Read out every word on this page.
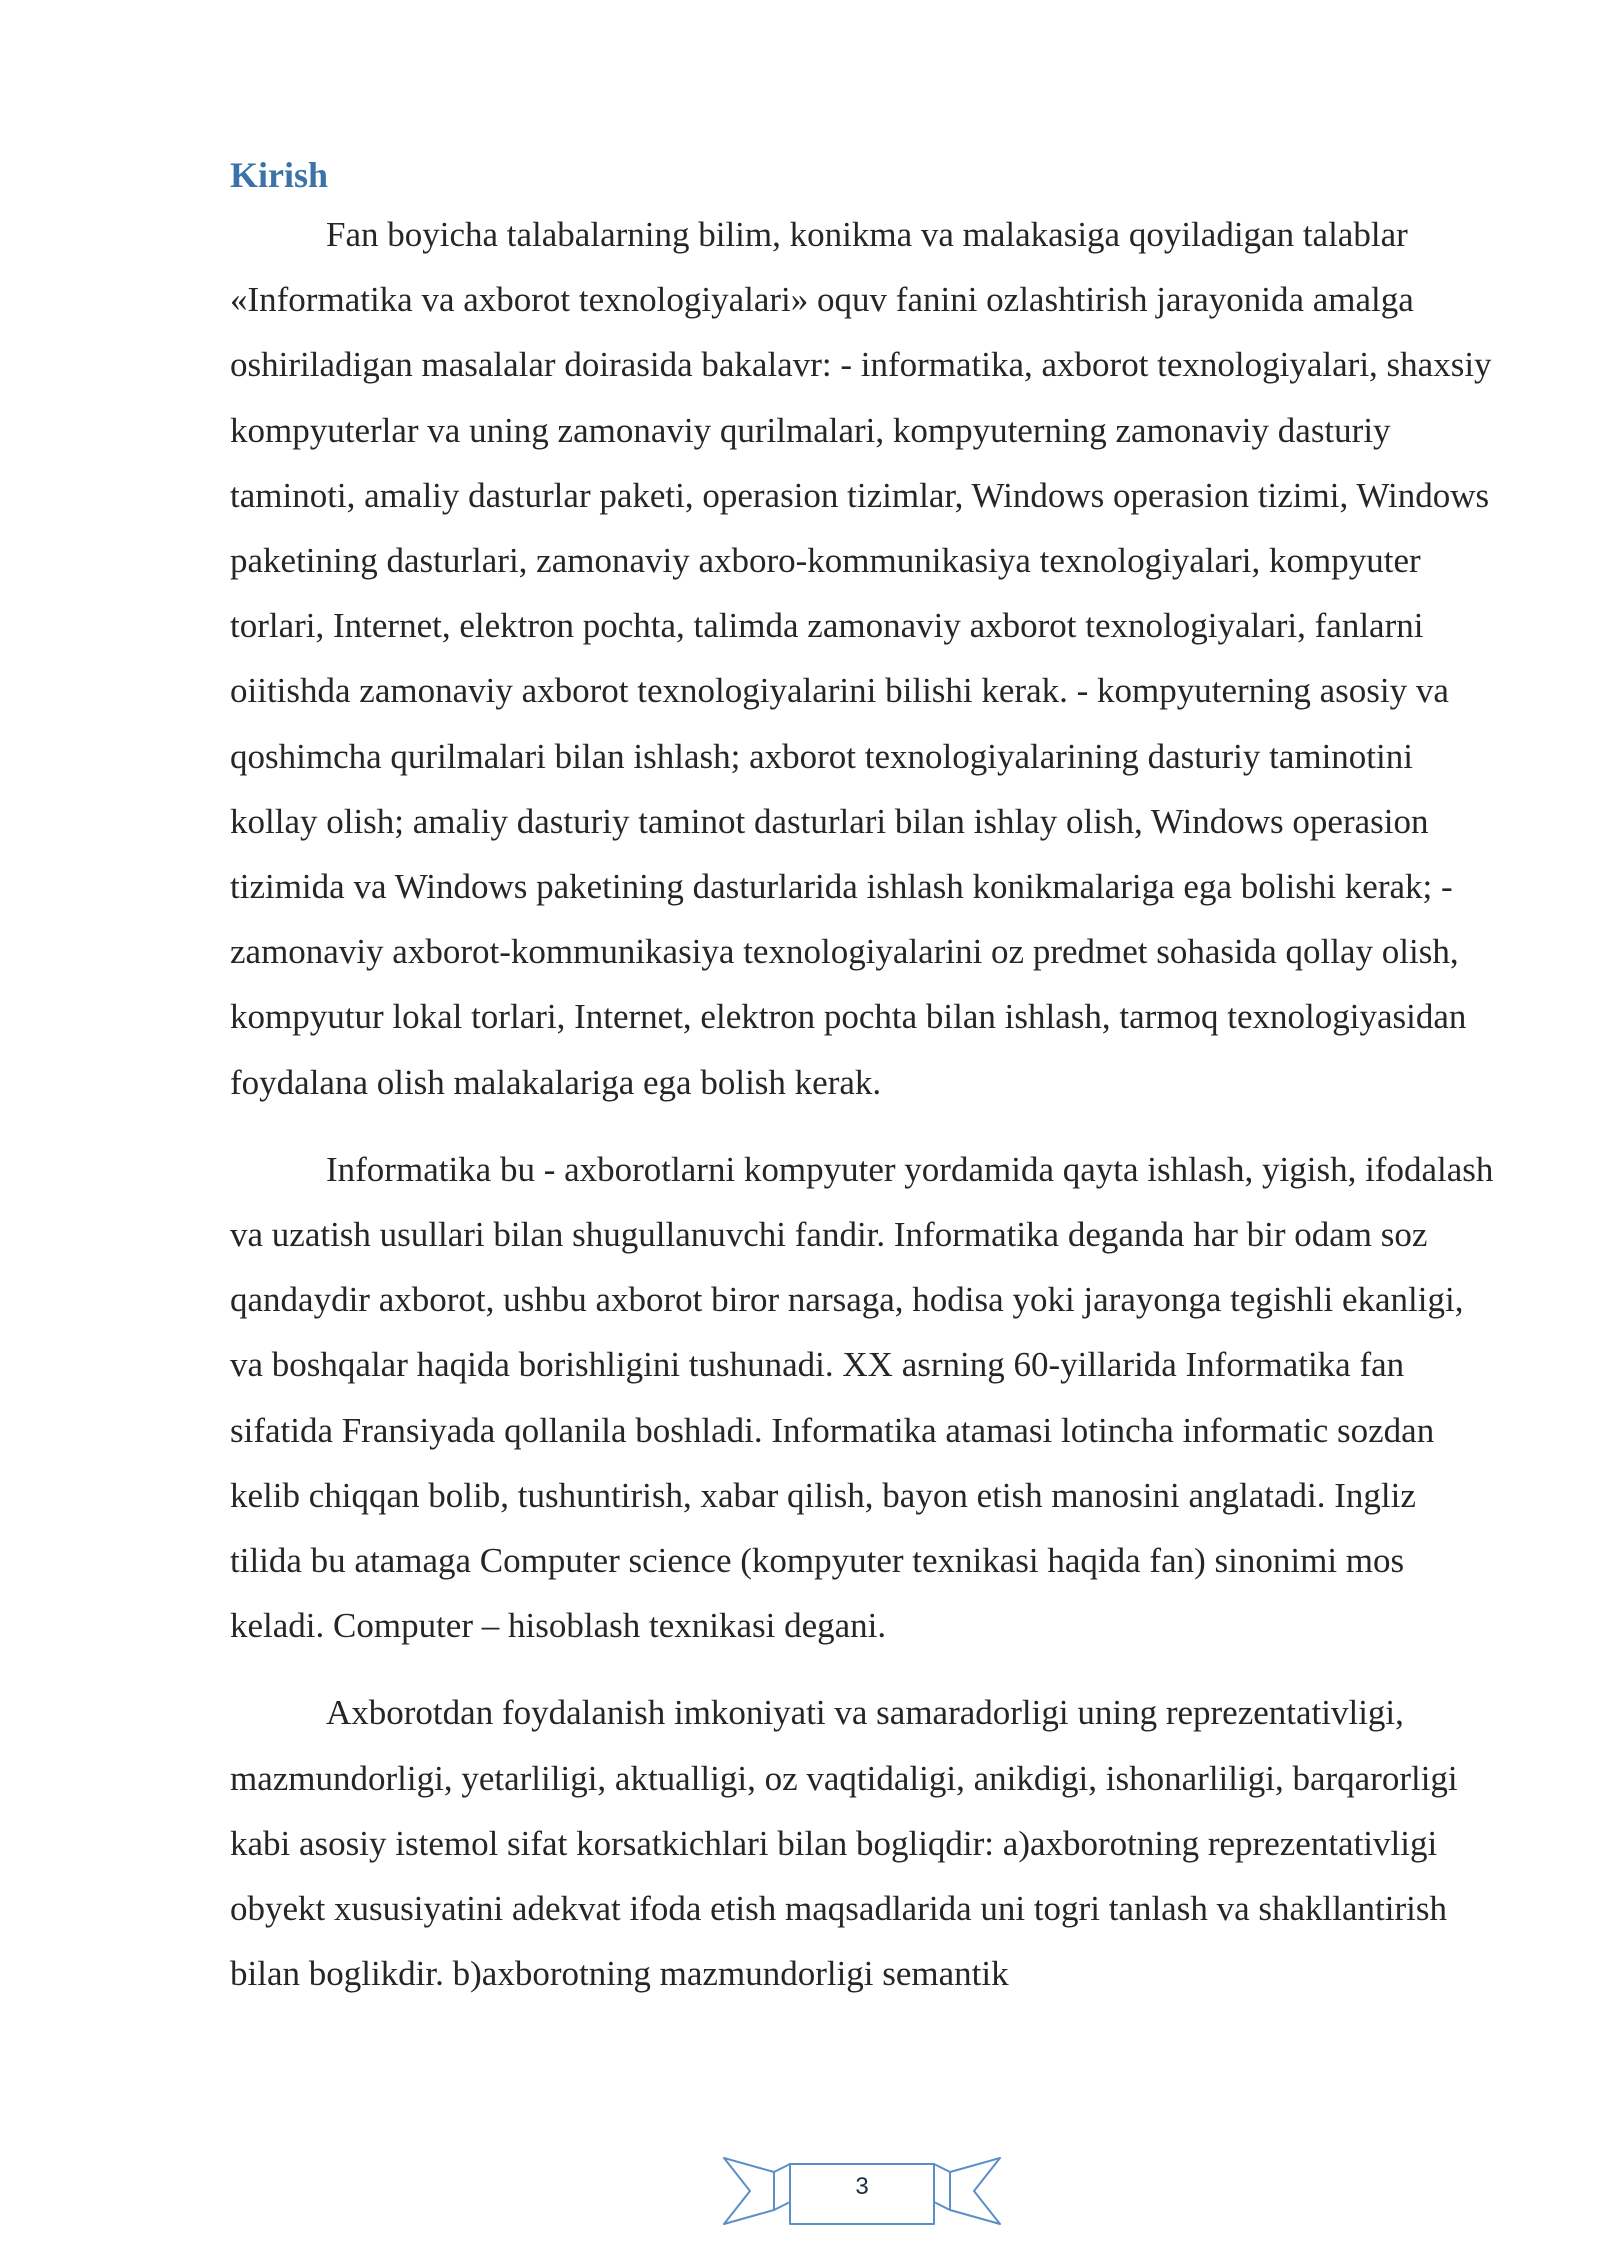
Kirish

Fan boyicha talabalarning bilim, konikma va malakasiga qoyiladigan talablar «Informatika va axborot texnologiyalari» oquv fanini ozlashtirish jarayonida amalga oshiriladigan masalalar doirasida bakalavr: - informatika, axborot texnologiyalari, shaxsiy kompyuterlar va uning zamonaviy qurilmalari, kompyuterning zamonaviy dasturiy taminoti, amaliy dasturlar paketi, operasion tizimlar, Windows operasion tizimi, Windows paketining dasturlari, zamonaviy axboro-kommunikasiya texnologiyalari, kompyuter torlari, Internet, elektron pochta, talimda zamonaviy axborot texnologiyalari, fanlarni oiitishda zamonaviy axborot texnologiyalarini bilishi kerak. - kompyuterning asosiy va qoshimcha qurilmalari bilan ishlash; axborot texnologiyalarining dasturiy taminotini kollay olish; amaliy dasturiy taminot dasturlari bilan ishlay olish, Windows operasion tizimida va Windows paketining dasturlarida ishlash konikmalariga ega bolishi kerak; - zamonaviy axborot-kommunikasiya texnologiyalarini oz predmet sohasida qollay olish, kompyutur lokal torlari, Internet, elektron pochta bilan ishlash, tarmoq texnologiyasidan foydalana olish malakalariga ega bolish kerak.

Informatika bu - axborotlarni kompyuter yordamida qayta ishlash, yigish, ifodalash va uzatish usullari bilan shugullanuvchi fandir. Informatika deganda har bir odam soz qandaydir axborot, ushbu axborot biror narsaga, hodisa yoki jarayonga tegishli ekanligi, va boshqalar haqida borishligini tushunadi. XX asrning 60-yillarida Informatika fan sifatida Fransiyada qollanila boshladi. Informatika atamasi lotincha informatic sozdan kelib chiqqan bolib, tushuntirish, xabar qilish, bayon etish manosini anglatadi. Ingliz tilida bu atamaga Computer science (kompyuter texnikasi haqida fan) sinonimi mos keladi. Computer – hisoblash texnikasi degani.

Axborotdan foydalanish imkoniyati va samaradorligi uning reprezentativligi, mazmundorligi, yetarliligi, aktualligi, oz vaqtidaligi, anikdigi, ishonarliligi, barqarorligi kabi asosiy istemol sifat korsatkichlari bilan bogliqdir: a)axborotning reprezentativligi obyekt xususiyatini adekvat ifoda etish maqsadlarida uni togri tanlash va shakllantirish bilan boglikdir. b)axborotning mazmundorligi semantik

3
